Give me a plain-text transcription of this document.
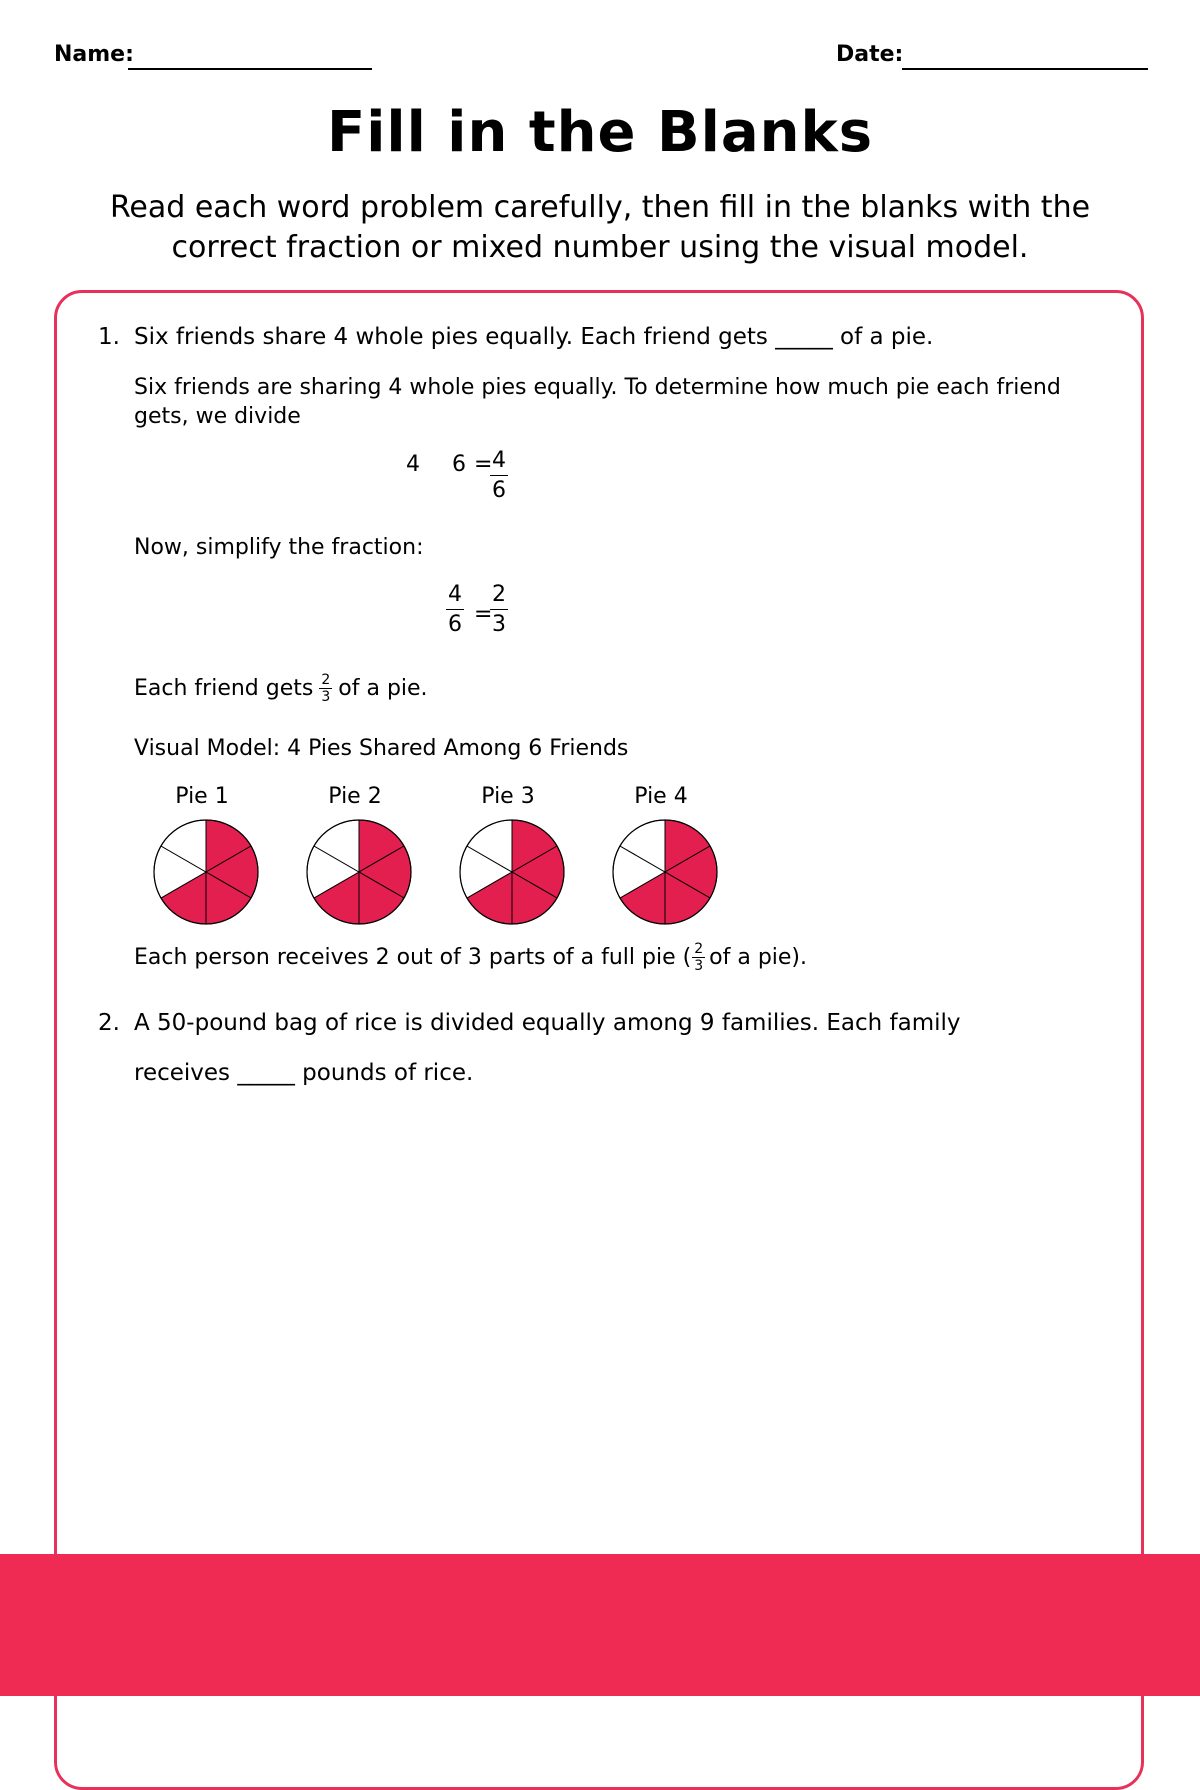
Name:	Date:
Fill in the Blanks
Read each word problem carefully, then fill in the blanks with the correct fraction or mixed number using the visual model.
1. Six friends share 4 whole pies equally. Each friend gets _____ of a pie.
Six friends are sharing 4 whole pies equally. To determine how much pie each friend gets, we divide
4 6 =
$\frac{4}{6}$
Now, simplify the fraction:
$\frac{4}{6}$ =
$\frac{2}{3}$
Each friend gets $\frac{2}{3}$ of a pie.
Visual Model: 4 Pies Shared Among 6 Friends
Pie 1	Pie 2	Pie 3	Pie 4
Each person receives 2 out of 3 parts of a full pie ( $\frac{2}{3}$ of a pie).
2. A 50-pound bag of rice is divided equally among 9 families. Each family
receives _____ pounds of rice.
